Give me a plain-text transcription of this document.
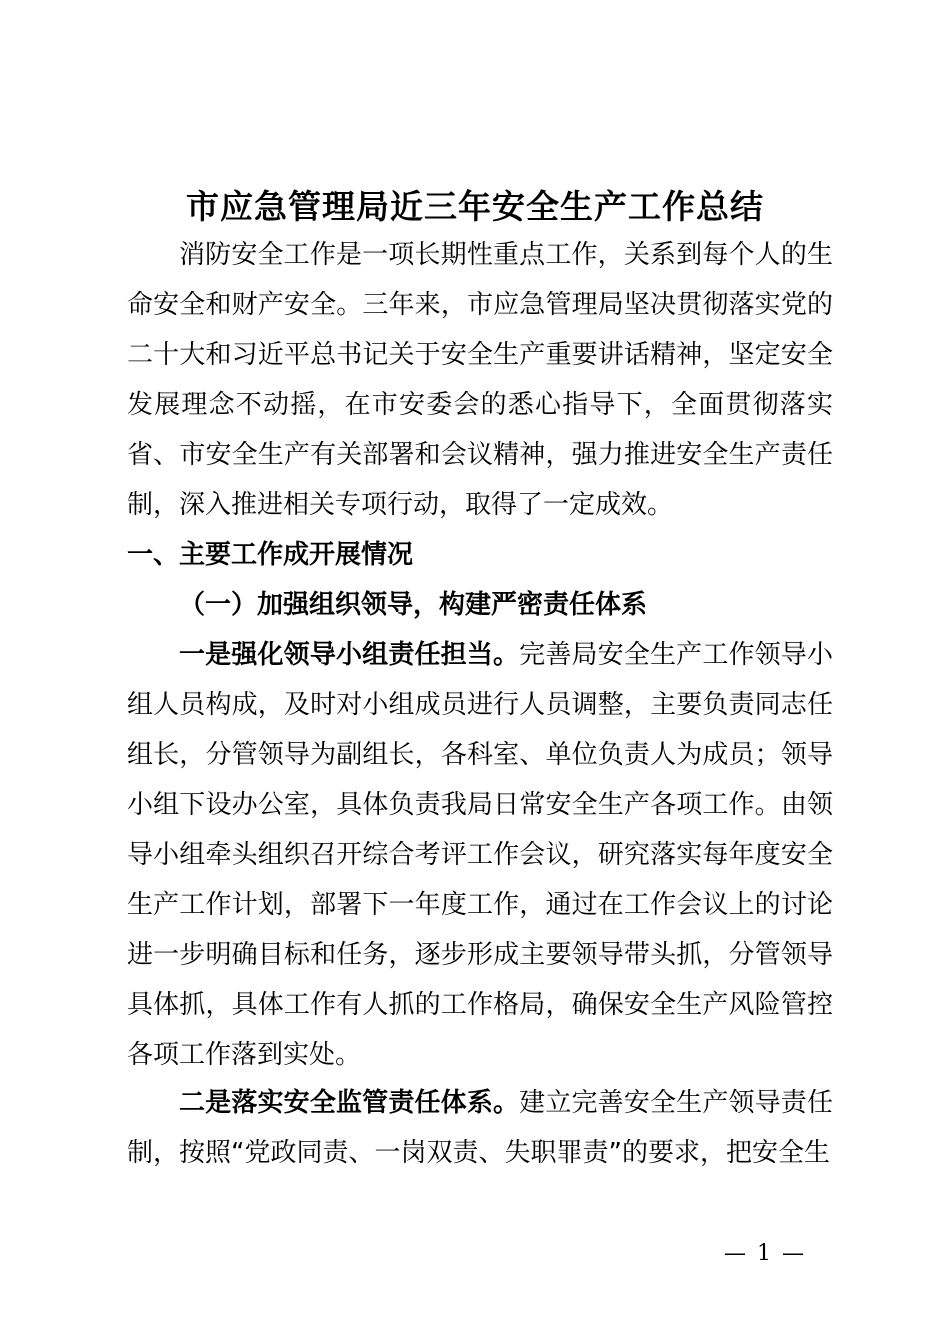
市应急管理局近三年安全生产工作总结

消防安全工作是一项长期性重点工作，关系到每个人的生命安全和财产安全。三年来，市应急管理局坚决贯彻落实党的二十大和习近平总书记关于安全生产重要讲话精神，坚定安全发展理念不动摇，在市安委会的悉心指导下，全面贯彻落实省、市安全生产有关部署和会议精神，强力推进安全生产责任制，深入推进相关专项行动，取得了一定成效。

一、主要工作成开展情况

（一）加强组织领导，构建严密责任体系

一是强化领导小组责任担当。完善局安全生产工作领导小组人员构成，及时对小组成员进行人员调整，主要负责同志任组长，分管领导为副组长，各科室、单位负责人为成员；领导小组下设办公室，具体负责我局日常安全生产各项工作。由领导小组牵头组织召开综合考评工作会议，研究落实每年度安全生产工作计划，部署下一年度工作，通过在工作会议上的讨论进一步明确目标和任务，逐步形成主要领导带头抓，分管领导具体抓，具体工作有人抓的工作格局，确保安全生产风险管控各项工作落到实处。

二是落实安全监管责任体系。建立完善安全生产领导责任制，按照“党政同责、一岗双责、失职罪责”的要求，把安全生

— 1 —
